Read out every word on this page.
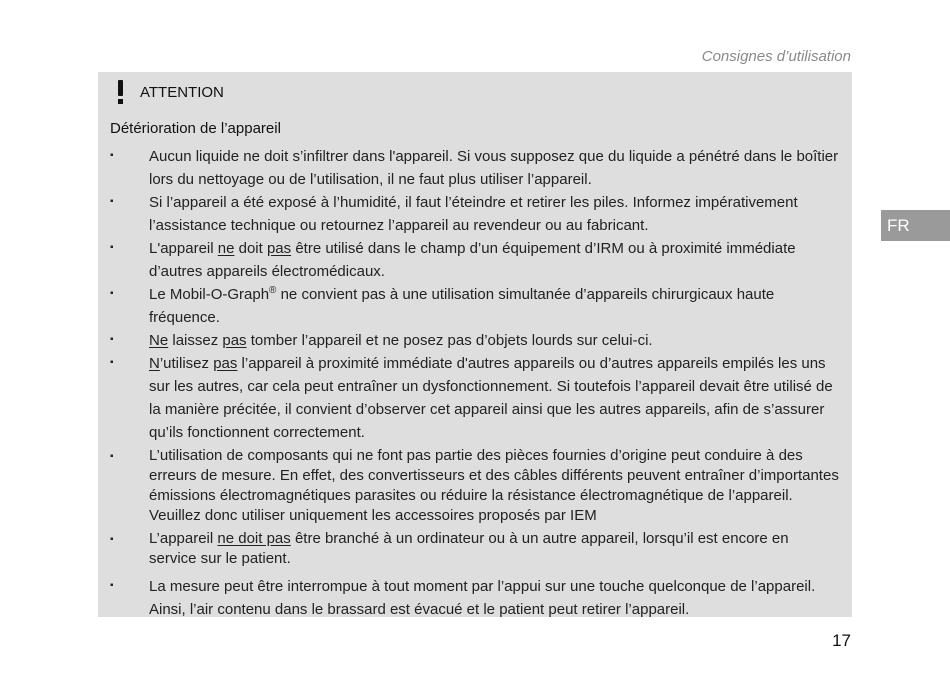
Consignes d’utilisation
ATTENTION
Détérioration de l’appareil
▪ Aucun liquide ne doit s’infiltrer dans l'appareil. Si vous supposez que du liquide a pénétré dans le boîtier lors du nettoyage ou de l’utilisation, il ne faut plus utiliser l’appareil.
▪ Si l’appareil a été exposé à l’humidité, il faut l’éteindre et retirer les piles. Informez impérativement l’assistance technique ou retournez l’appareil au revendeur ou au fabricant.
▪ L'appareil ne doit pas être utilisé dans le champ d’un équipement d’IRM ou à proximité immédiate d’autres appareils électromédicaux.
▪ Le Mobil-O-Graph® ne convient pas à une utilisation simultanée d’appareils chirurgicaux haute fréquence.
▪ Ne laissez pas tomber l’appareil et ne posez pas d’objets lourds sur celui-ci.
▪ N’utilisez pas l’appareil à proximité immédiate d'autres appareils ou d’autres appareils empilés les uns sur les autres, car cela peut entraîner un dysfonctionnement. Si toutefois l’appareil devait être utilisé de la manière précitée, il convient d’observer cet appareil ainsi que les autres appareils, afin de s’assurer qu’ils fonctionnent correctement.
▪ L’utilisation de composants qui ne font pas partie des pièces fournies d’origine peut conduire à des erreurs de mesure. En effet, des convertisseurs et des câbles différents peuvent entraîner d’importantes émissions électromagnétiques parasites ou réduire la résistance électromagnétique de l’appareil. Veuillez donc utiliser uniquement les accessoires proposés par IEM
▪ L’appareil ne doit pas être branché à un ordinateur ou à un autre appareil, lorsqu’il est encore en service sur le patient.
▪ La mesure peut être interrompue à tout moment par l’appui sur une touche quelconque de l’appareil. Ainsi, l’air contenu dans le brassard est évacué et le patient peut retirer l’appareil.
FR
17
